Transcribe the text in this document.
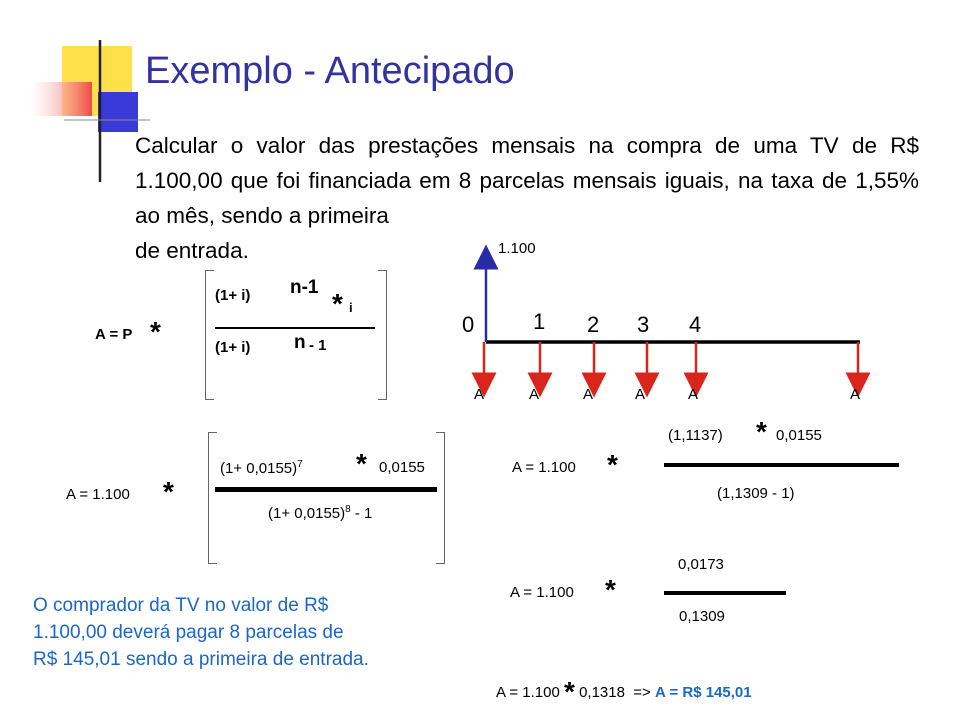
Exemplo - Antecipado
Calcular o valor das prestações mensais na compra de uma TV de R$ 1.100,00 que foi financiada em 8 parcelas mensais iguais, na taxa de 1,55% ao mês, sendo a primeira
de entrada.
A = P *
(1+ i) n-1
* i
(1+ i) n - 1
1.100
0	1 2 3 4
A	A	A	A	A	A
A = 1.100 *
$(1+ 0,0155)^7 * 0,0155$
$(1+ 0,0155)^8 - 1$
A = 1.100 *
(1,1137) * 0,0155
(1,1309 - 1)
A = 1.100 *
0,0173
0,1309
A = 1.100 * 0,1318 => A = R$ 145,01
O comprador da TV no valor de R$ 1.100,00 deverá pagar 8 parcelas de R$ 145,01 sendo a primeira de entrada.
